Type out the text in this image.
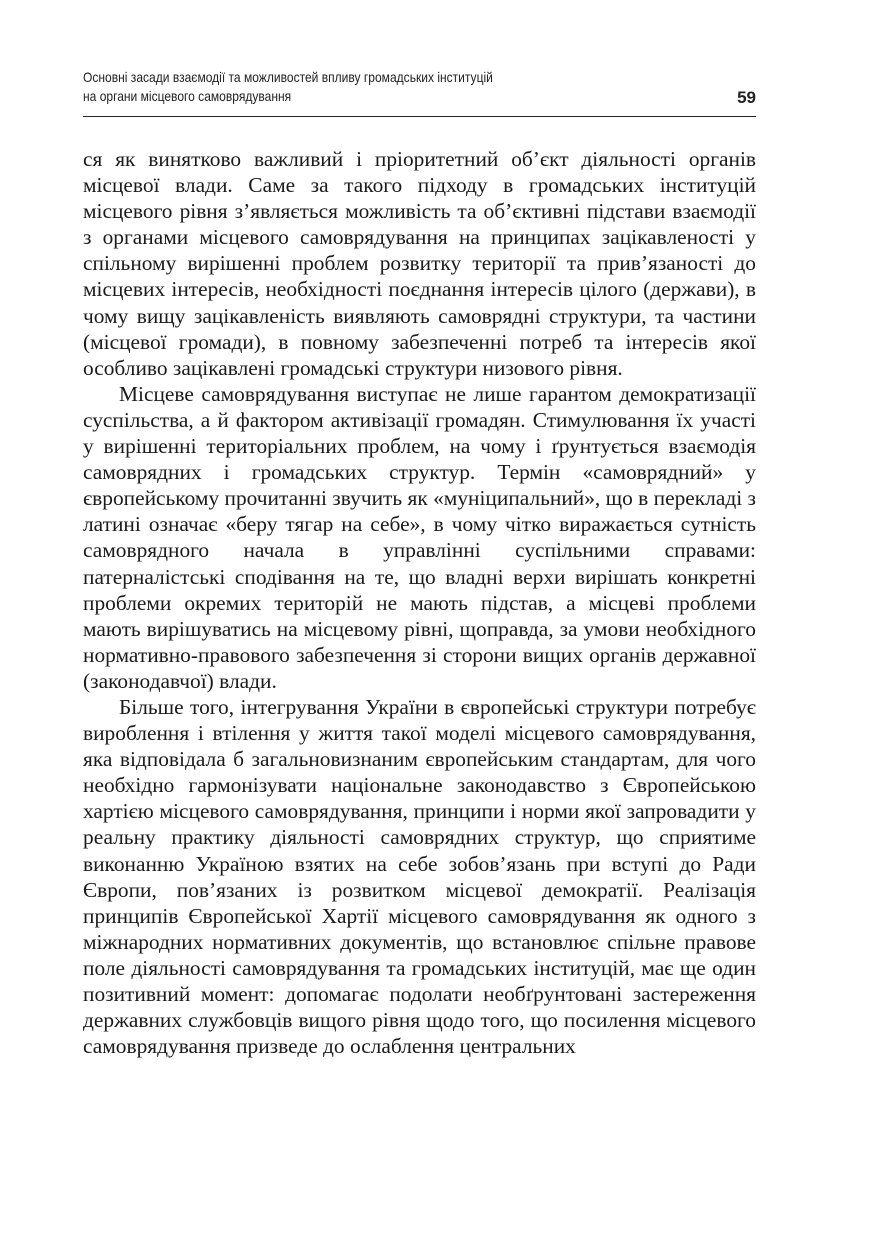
Основні засади взаємодії та можливостей впливу громадських інституцій
на органи місцевого самоврядування	59

ся як винятково важливий і пріоритетний об’єкт діяльності органів місцевої влади. Саме за такого підходу в громадських інституцій місцевого рівня з’являється можливість та об’єктивні підстави взаємодії з органами місцевого самоврядування на принципах зацікавленості у спільному вирішенні проблем розвитку території та прив’язаності до місцевих інтересів, необхідності поєднання інтересів цілого (держави), в чому вищу зацікавленість виявляють самоврядні структури, та частини (місцевої громади), в повному забезпеченні потреб та інтересів якої особливо зацікавлені громадські структури низового рівня.

Місцеве самоврядування виступає не лише гарантом демократизації суспільства, а й фактором активізації громадян. Стимулювання їх участі у вирішенні територіальних проблем, на чому і ґрунтується взаємодія самоврядних і громадських структур. Термін «самоврядний» у європейському прочитанні звучить як «муніципальний», що в перекладі з латині означає «беру тягар на себе», в чому чітко виражається сутність самоврядного начала в управлінні суспільними справами: патерналістські сподівання на те, що владні верхи вирішать конкретні проблеми окремих територій не мають підстав, а місцеві проблеми мають вирішуватись на місцевому рівні, щоправда, за умови необхідного нормативно-правового забезпечення зі сторони вищих органів державної (законодавчої) влади.

Більше того, інтегрування України в європейські структури потребує вироблення і втілення у життя такої моделі місцевого самоврядування, яка відповідала б загальновизнаним європейським стандартам, для чого необхідно гармонізувати національне законодавство з Європейською хартією місцевого самоврядування, принципи і норми якої запровадити у реальну практику діяльності самоврядних структур, що сприятиме виконанню Україною взятих на себе зобов’язань при вступі до Ради Європи, пов’язаних із розвитком місцевої демократії. Реалізація принципів Європейської Хартії місцевого самоврядування як одного з міжнародних нормативних документів, що встановлює спільне правове поле діяльності самоврядування та громадських інституцій, має ще один позитивний момент: допомагає подолати необґрунтовані застереження державних службовців вищого рівня щодо того, що посилення місцевого самоврядування призведе до ослаблення центральних
